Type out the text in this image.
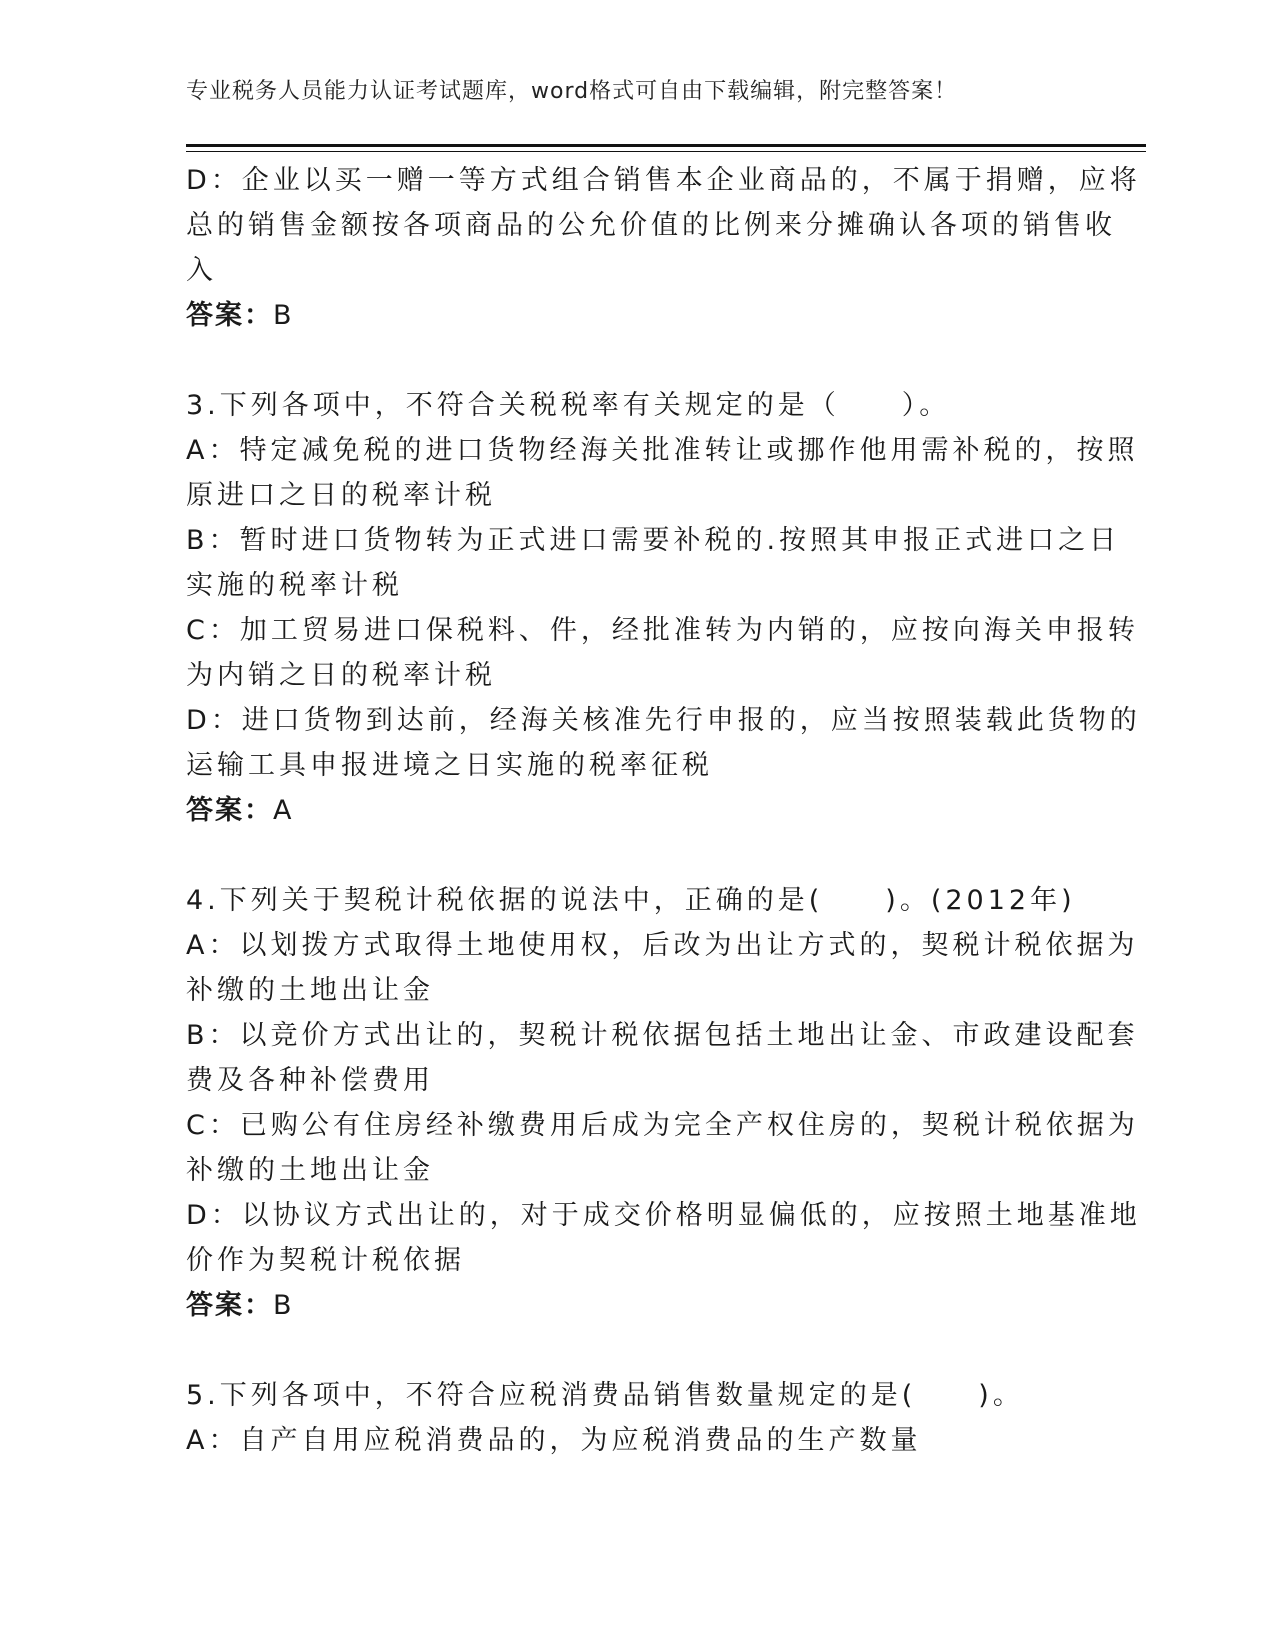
专业税务人员能力认证考试题库，word格式可自由下载编辑，附完整答案！
D：企业以买一赠一等方式组合销售本企业商品的，不属于捐赠，应将
总的销售金额按各项商品的公允价值的比例来分摊确认各项的销售收
入
答案：B
3.下列各项中，不符合关税税率有关规定的是（　　）。
A：特定减免税的进口货物经海关批准转让或挪作他用需补税的，按照
原进口之日的税率计税
B：暂时进口货物转为正式进口需要补税的.按照其申报正式进口之日
实施的税率计税
C：加工贸易进口保税料、件，经批准转为内销的，应按向海关申报转
为内销之日的税率计税
D：进口货物到达前，经海关核准先行申报的，应当按照装载此货物的
运输工具申报进境之日实施的税率征税
答案：A
4.下列关于契税计税依据的说法中，正确的是(　　)。(2012年)
A：以划拨方式取得土地使用权，后改为出让方式的，契税计税依据为
补缴的土地出让金
B：以竞价方式出让的，契税计税依据包括土地出让金、市政建设配套
费及各种补偿费用
C：已购公有住房经补缴费用后成为完全产权住房的，契税计税依据为
补缴的土地出让金
D：以协议方式出让的，对于成交价格明显偏低的，应按照土地基准地
价作为契税计税依据
答案：B
5.下列各项中，不符合应税消费品销售数量规定的是(　　)。
A：自产自用应税消费品的，为应税消费品的生产数量
